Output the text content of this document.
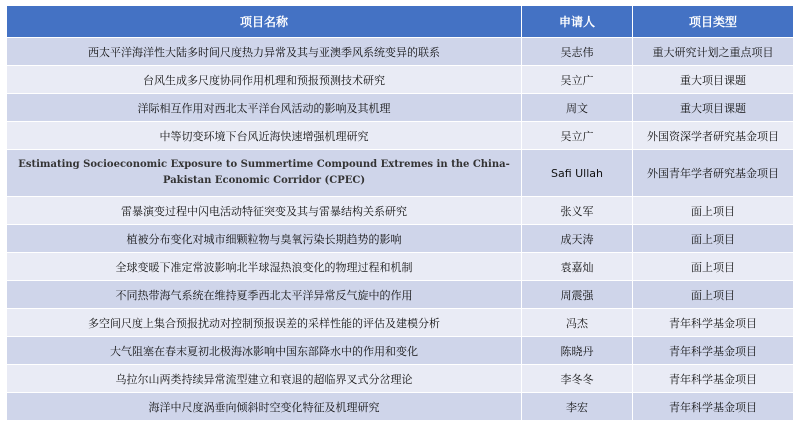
项目名称	申请人	项目类型
西太平洋海洋性大陆多时间尺度热力异常及其与亚澳季风系统变异的联系	吴志伟	重大研究计划之重点项目
台风生成多尺度协同作用机理和预报预测技术研究	吴立广	重大项目课题
洋际相互作用对西北太平洋台风活动的影响及其机理	周文	重大项目课题
中等切变环境下台风近海快速增强机理研究	吴立广	外国资深学者研究基金项目
Estimating Socioeconomic Exposure to Summertime Compound Extremes in the China-Pakistan Economic Corridor (CPEC)	Safi Ullah	外国青年学者研究基金项目
雷暴演变过程中闪电活动特征突变及其与雷暴结构关系研究	张义军	面上项目
植被分布变化对城市细颗粒物与臭氧污染长期趋势的影响	成天涛	面上项目
全球变暖下准定常波影响北半球湿热浪变化的物理过程和机制	袁嘉灿	面上项目
不同热带海气系统在维持夏季西北太平洋异常反气旋中的作用	周震强	面上项目
多空间尺度上集合预报扰动对控制预报误差的采样性能的评估及建模分析	冯杰	青年科学基金项目
大气阻塞在春末夏初北极海冰影响中国东部降水中的作用和变化	陈晓丹	青年科学基金项目
乌拉尔山两类持续异常流型建立和衰退的超临界叉式分岔理论	李冬冬	青年科学基金项目
海洋中尺度涡垂向倾斜时空变化特征及机理研究	李宏	青年科学基金项目
